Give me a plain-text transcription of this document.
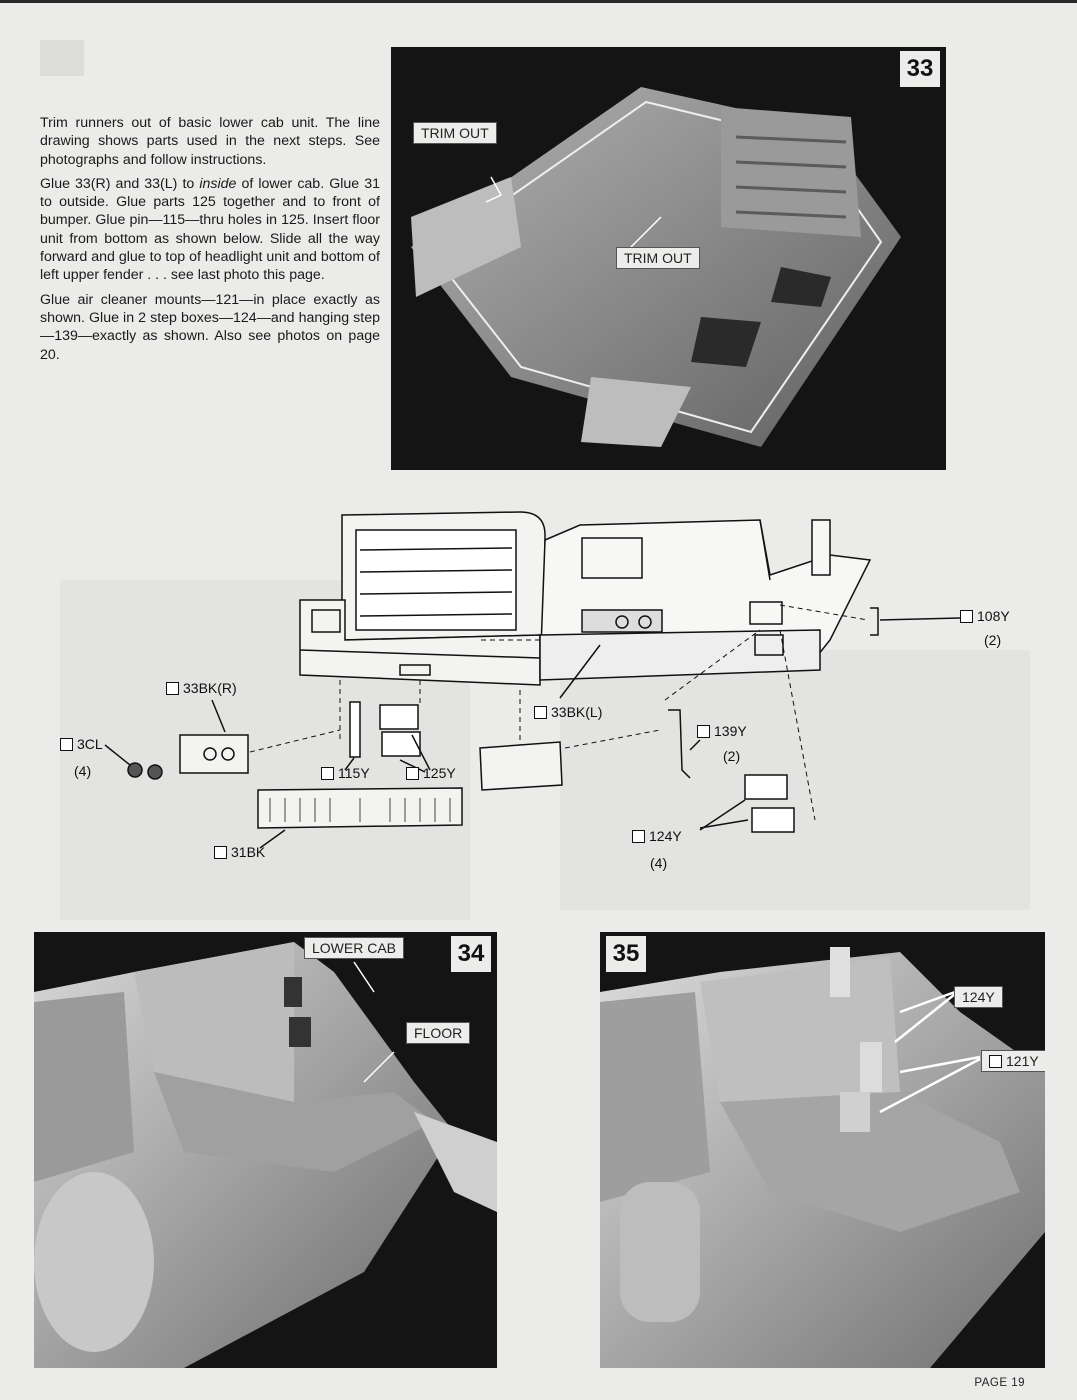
Trim runners out of basic lower cab unit. The line drawing shows parts used in the next steps. See photographs and follow instructions.

Glue 33(R) and 33(L) to inside of lower cab. Glue 31 to outside. Glue parts 125 together and to front of bumper. Glue pin—115—thru holes in 125. Insert floor unit from bottom as shown below. Slide all the way forward and glue to top of headlight unit and bottom of left upper fender . . . see last photo this page.

Glue air cleaner mounts—121—in place exactly as shown. Glue in 2 step boxes—124—and hanging step—139—exactly as shown. Also see photos on page 20.

33
TRIM OUT
TRIM OUT
108Y
(2)
33BK(R)
3CL
(4)	115Y	125Y
33BK(L)
139Y
(2)
124Y
(4)
31BK
34
LOWER CAB
FLOOR
35
124Y
121Y
PAGE 19
